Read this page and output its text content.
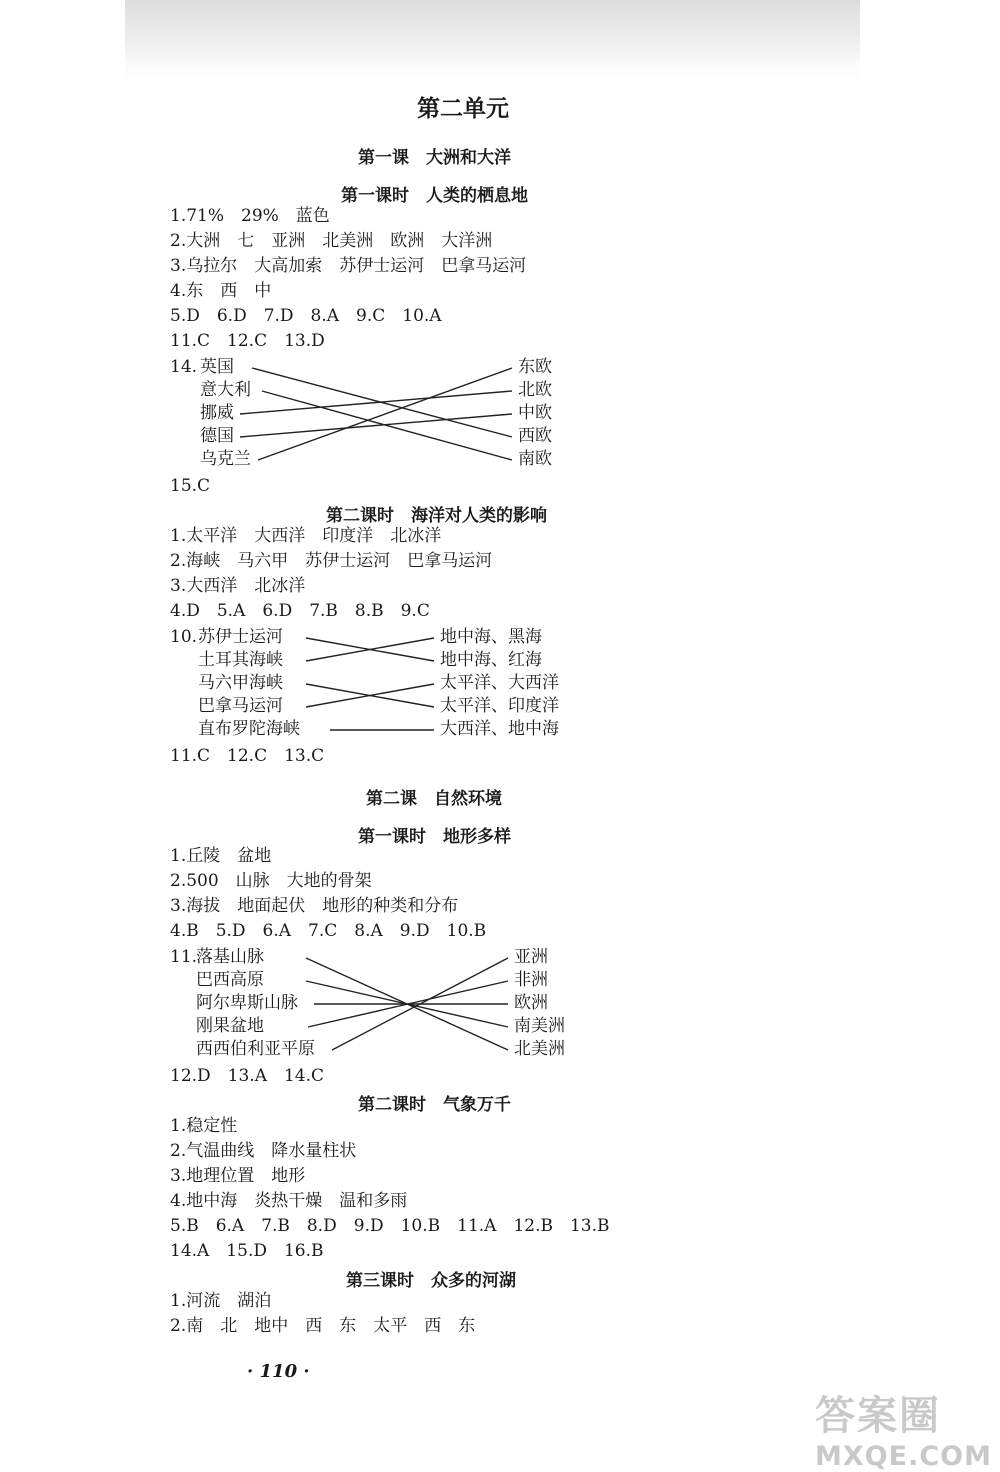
第二单元
第一课　大洲和大洋
第一课时　人类的栖息地
1.71%　29%　蓝色
2.大洲　七　亚洲　北美洲　欧洲　大洋洲
3.乌拉尔　大高加索　苏伊士运河　巴拿马运河
4.东　西　中
5.D　6.D　7.D　8.A　9.C　10.A
11.C　12.C　13.D
14. 英国
意大利
挪威
德国
乌克兰
东欧
北欧
中欧
西欧
南欧
15.C
第二课时　海洋对人类的影响
1.太平洋　大西洋　印度洋　北冰洋
2.海峡　马六甲　苏伊士运河　巴拿马运河
3.大西洋　北冰洋
4.D　5.A　6.D　7.B　8.B　9.C
10. 苏伊士运河
土耳其海峡
马六甲海峡
巴拿马运河
直布罗陀海峡
地中海、黑海
地中海、红海
太平洋、大西洋
太平洋、印度洋
大西洋、地中海
11.C　12.C　13.C
第二课　自然环境
第一课时　地形多样
1.丘陵　盆地
2.500　山脉　大地的骨架
3.海拔　地面起伏　地形的种类和分布
4.B　5.D　6.A　7.C　8.A　9.D　10.B
11.
落基山脉
巴西高原
阿尔卑斯山脉
刚果盆地
西西伯利亚平原
亚洲
非洲
欧洲
南美洲
北美洲
12.D　13.A　14.C
第二课时　气象万千
1.稳定性
2.气温曲线　降水量柱状
3.地理位置　地形
4.地中海　炎热干燥　温和多雨
5.B　6.A　7.B　8.D　9.D　10.B　11.A　12.B　13.B
14.A　15.D　16.B
第三课时　众多的河湖
1.河流　湖泊
2.南　北　地中　西　东　太平　西　东
· 110 ·
答案圈
MXQE.COM
